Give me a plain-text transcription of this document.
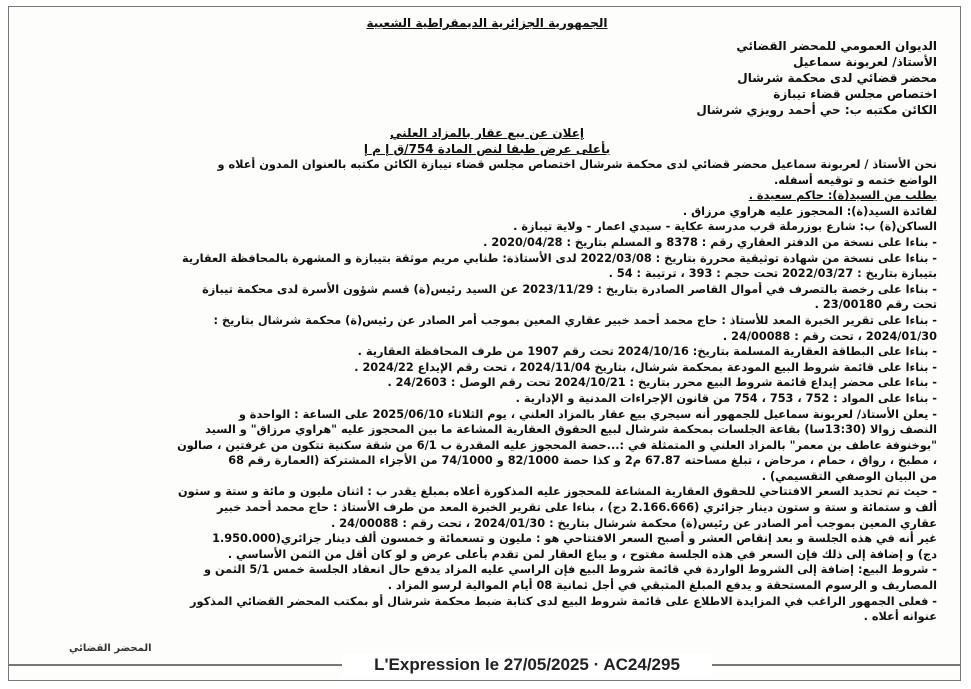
الجمهورية الجزائرية الديمقراطية الشعبية
الديوان العمومي للمحضر القضائي
الأستاذ/ لعربونة سماعيل
محضر قضائي لدى محكمة شرشال
اختصاص مجلس قضاء تيبازة
الكائن مكتبه ب: حي أحمد رويزي شرشال
إعلان عن بيع عقار بالمزاد العلني
بأعلى عرض طبقا لنص المادة 754/ق إ م إ
نحن الأستاذ / لعربونة سماعيل محضر قضائي لدى محكمة شرشال اختصاص مجلس قضاء تيبازة الكائن مكتبه بالعنوان المدون أعلاه و
الواضع ختمه و توقيعه أسفله.
بطلب من السيد(ة): حاكم سعيدة .
لفائدة السيد(ة): المحجوز عليه هراوي مرزاق .
الساكن(ة) ب: شارع بوزرملة قرب مدرسة عكاية - سيدي اعمار - ولاية تيبازة .
- بناءا على نسخة من الدفتر العقاري رقم : 8378 و المسلم بتاريخ : 2020/04/28 .
- بناءا على نسخة من شهادة توثيقية محررة بتاريخ : 2022/03/08 لدى الأستاذة: طنابي مريم موثقة بتيبازة و المشهرة بالمحافظة العقارية
بتيبازة بتاريخ : 2022/03/27 تحت حجم : 393 ، ترتيبة : 54 .
- بناءا على رخصة بالتصرف في أموال القاصر الصادرة بتاريخ : 2023/11/29 عن السيد رئيس(ة) قسم شؤون الأسرة لدى محكمة تيبازة
تحت رقم 23/00180 .
- بناءا على تقرير الخبرة المعد للأستاذ : حاج محمد أحمد خبير عقاري المعين بموجب أمر الصادر عن رئيس(ة) محكمة شرشال بتاريخ :
2024/01/30 ، تحت رقم : 24/00088 .
- بناءا على البطاقة العقارية المسلمة بتاريخ: 2024/10/16 تحت رقم 1907 من طرف المحافظة العقارية .
- بناءا على قائمة شروط البيع المودعة بمحكمة شرشال، بتاريخ 2024/11/04 ، تحت رقم الإيداع 2024/22 .
- بناءا على محضر إيداع قائمة شروط البيع محرر بتاريخ : 2024/10/21 تحت رقم الوصل : 24/2603 .
- بناءا على المواد : 752 ، 753 ، 754 من قانون الإجراءات المدنية و الإدارية .
- يعلن الأستاذ/ لعربونة سماعيل للجمهور أنه سيجري بيع عقار بالمزاد العلني ، يوم الثلاثاء 2025/06/10 على الساعة : الواحدة و
النصف زوالا (13:30سا) بقاعة الجلسات بمحكمة شرشال لبيع الحقوق العقارية المشاعة ما بين المحجوز عليه "هراوي مرزاق" و السيد
"بوخنوفة عاطف بن معمر" بالمزاد العلني و المتمثلة في :...حصة المحجوز عليه المقدرة ب 6/1 من شقة سكنية تتكون من غرفتين ، صالون
، مطبخ ، رواق ، حمام ، مرحاض ، تبلغ مساحته 67.87 م2 و كذا حصة 82/1000 و 74/1000 من الأجزاء المشتركة (العمارة رقم 68
من البيان الوصفي التقسيمي) .
- حيث تم تحديد السعر الافتتاحي للحقوق العقارية المشاعة للمحجوز عليه المذكورة أعلاه بمبلغ يقدر ب : اثنان مليون و مائة و ستة و ستون
ألف و ستمائة و ستة و ستون دينار جزائري (2.166.666 دج) ، بناءا على تقرير الخبرة المعد من طرف الأستاذ : حاج محمد أحمد خبير
عقاري المعين بموجب أمر الصادر عن رئيس(ة) محكمة شرشال بتاريخ : 2024/01/30 ، تحت رقم : 24/00088 .
غير أنه في هذه الجلسة و بعد إنقاص العشر و أصبح السعر الافتتاحي هو : مليون و تسعمائة و خمسون ألف دينار جزائري(1.950.000
دج) و إضافة إلى ذلك فإن السعر في هذه الجلسة مفتوح ، و يباع العقار لمن تقدم بأعلى عرض و لو كان أقل من الثمن الأساسي .
- شروط البيع: إضافة إلى الشروط الواردة في قائمة شروط البيع فإن الراسي عليه المزاد يدفع حال انعقاد الجلسة خمس 5/1 الثمن و
المصاريف و الرسوم المستحقة و يدفع المبلغ المتبقي في أجل ثمانية 08 أيام الموالية لرسو المزاد .
- فعلى الجمهور الراغب في المزايدة الاطلاع على قائمة شروط البيع لدى كتابة ضبط محكمة شرشال أو بمكتب المحضر القضائي المذكور
عنوانه أعلاه .
المحضر القضائي
L'Expression le 27/05/2025 · AC24/295
